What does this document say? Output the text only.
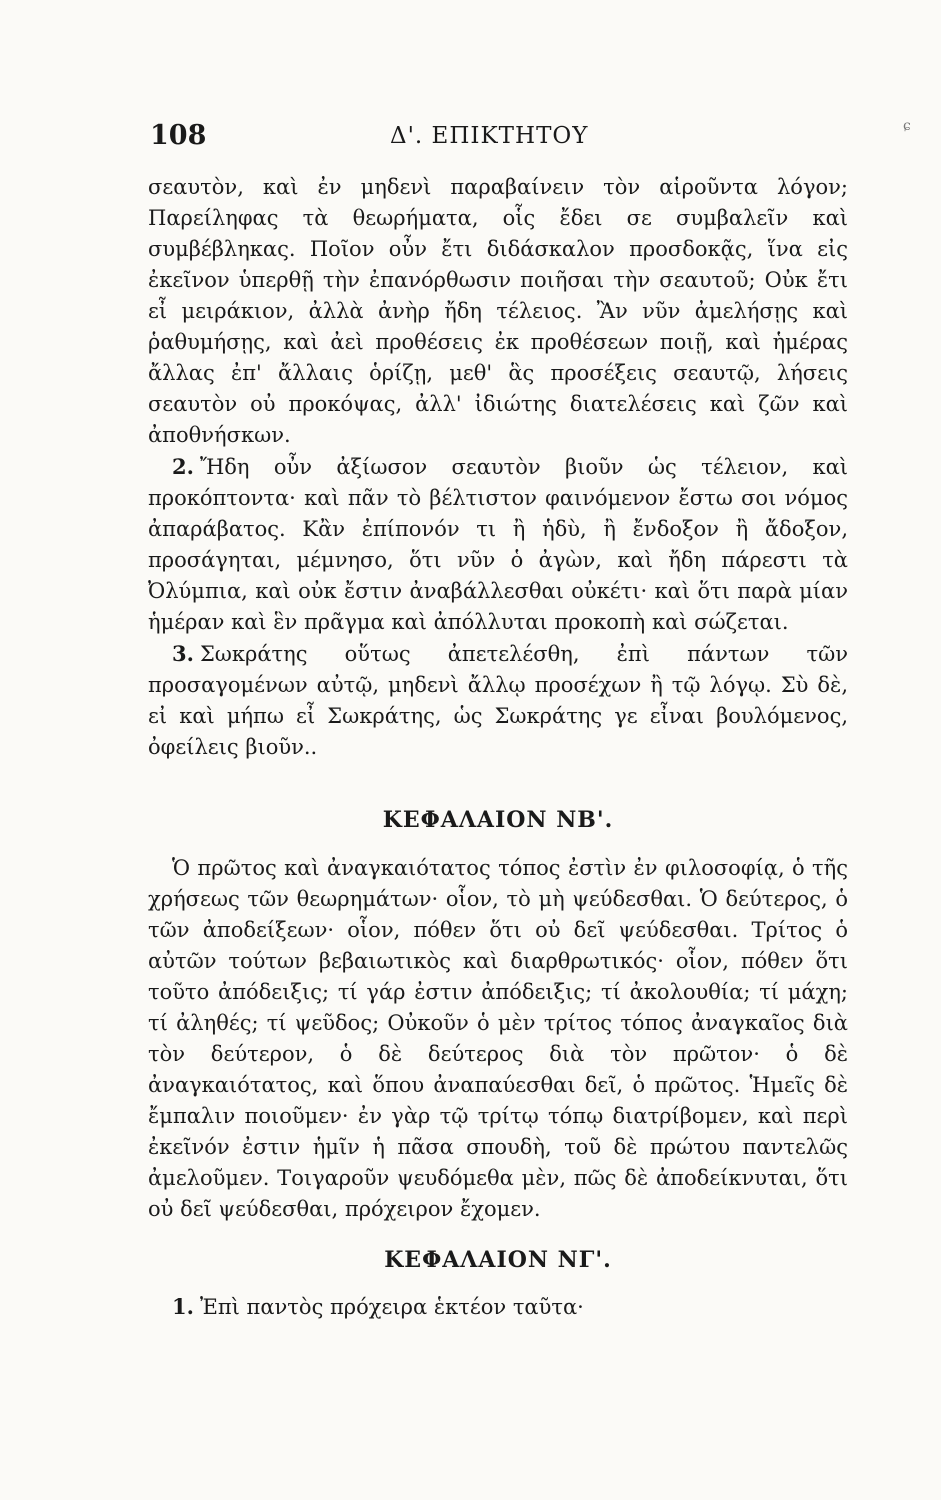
108	Δ'. ΕΠΙΚΤΗΤΟΥ	ɕ

σεαυτὸν, καὶ ἐν μηδενὶ παραβαίνειν τὸν αἱροῦντα λόγον; Παρείληφας τὰ θεωρήματα, οἷς ἔδει σε συμβαλεῖν καὶ συμβέβληκας. Ποῖον οὖν ἔτι διδάσκαλον προσδοκᾷς, ἵνα εἰς ἐκεῖνον ὑπερθῇ τὴν ἐπανόρθωσιν ποιῆσαι τὴν σεαυτοῦ; Οὐκ ἔτι εἶ μειράκιον, ἀλλὰ ἀνὴρ ἤδη τέλειος. Ἂν νῦν ἀμελήσῃς καὶ ῥαθυμήσῃς, καὶ ἀεὶ προθέσεις ἐκ προθέσεων ποιῇ, καὶ ἡμέρας ἄλλας ἐπ' ἄλλαις ὁρίζῃ, μεθ' ἃς προσέξεις σεαυτῷ, λήσεις σεαυτὸν οὐ προκόψας, ἀλλ' ἰδιώτης διατελέσεις καὶ ζῶν καὶ ἀποθνήσκων.

2. Ἤδη οὖν ἀξίωσον σεαυτὸν βιοῦν ὡς τέλειον, καὶ προκόπτοντα· καὶ πᾶν τὸ βέλτιστον φαινόμενον ἔστω σοι νόμος ἀπαράβατος. Κἂν ἐπίπονόν τι ἢ ἡδὺ, ἢ ἔνδοξον ἢ ἄδοξον, προσάγηται, μέμνησο, ὅτι νῦν ὁ ἀγὼν, καὶ ἤδη πάρεστι τὰ Ὀλύμπια, καὶ οὐκ ἔστιν ἀναβάλλεσθαι οὐκέτι· καὶ ὅτι παρὰ μίαν ἡμέραν καὶ ἓν πρᾶγμα καὶ ἀπόλλυται προκοπὴ καὶ σώζεται.

3. Σωκράτης οὕτως ἀπετελέσθη, ἐπὶ πάντων τῶν προσαγομένων αὐτῷ, μηδενὶ ἄλλῳ προσέχων ἢ τῷ λόγῳ. Σὺ δὲ, εἰ καὶ μήπω εἶ Σωκράτης, ὡς Σωκράτης γε εἶναι βουλόμενος, ὀφείλεις βιοῦν..

ΚΕΦΑΛΑΙΟΝ ΝΒ'.

Ὁ πρῶτος καὶ ἀναγκαιότατος τόπος ἐστὶν ἐν φιλοσοφίᾳ, ὁ τῆς χρήσεως τῶν θεωρημάτων· οἷον, τὸ μὴ ψεύδεσθαι. Ὁ δεύτερος, ὁ τῶν ἀποδείξεων· οἷον, πόθεν ὅτι οὐ δεῖ ψεύδεσθαι. Τρίτος ὁ αὐτῶν τούτων βεβαιωτικὸς καὶ διαρθρωτικός· οἷον, πόθεν ὅτι τοῦτο ἀπόδειξις; τί γάρ ἐστιν ἀπόδειξις; τί ἀκολουθία; τί μάχη; τί ἀληθές; τί ψεῦδος; Οὐκοῦν ὁ μὲν τρίτος τόπος ἀναγκαῖος διὰ τὸν δεύτερον, ὁ δὲ δεύτερος διὰ τὸν πρῶτον· ὁ δὲ ἀναγκαιότατος, καὶ ὅπου ἀναπαύεσθαι δεῖ, ὁ πρῶτος. Ἡμεῖς δὲ ἔμπαλιν ποιοῦμεν· ἐν γὰρ τῷ τρίτῳ τόπῳ διατρίβομεν, καὶ περὶ ἐκεῖνόν ἐστιν ἡμῖν ἡ πᾶσα σπουδὴ, τοῦ δὲ πρώτου παντελῶς ἀμελοῦμεν. Τοιγαροῦν ψευδόμεθα μὲν, πῶς δὲ ἀποδείκνυται, ὅτι οὐ δεῖ ψεύδεσθαι, πρόχειρον ἔχομεν.

ΚΕΦΑΛΑΙΟΝ ΝΓ'.

1. Ἐπὶ παντὸς πρόχειρα ἑκτέον ταῦτα·
